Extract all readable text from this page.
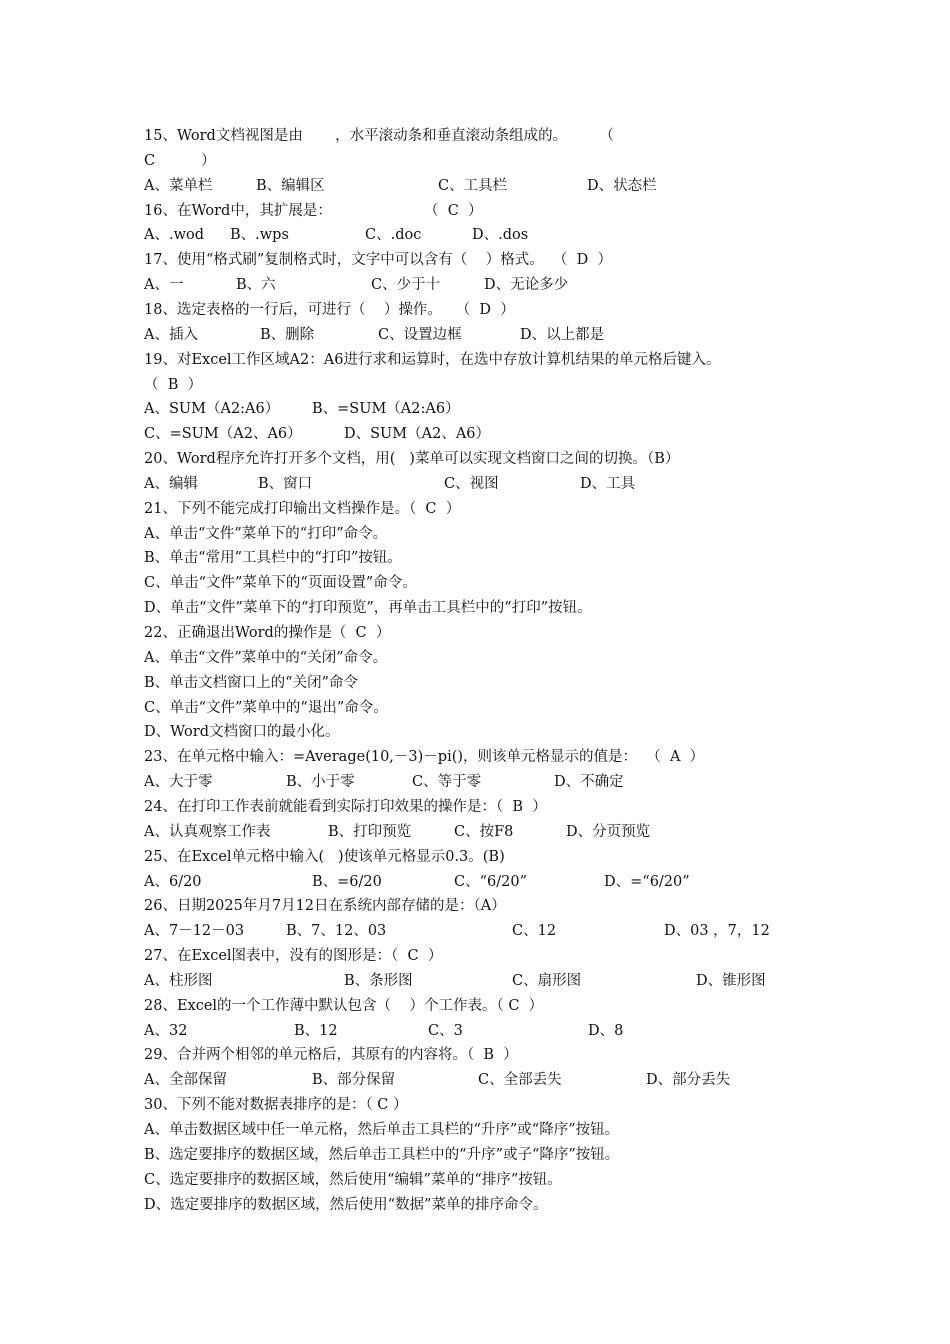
15、Word文档视图是由       ，水平滚动条和垂直滚动条组成的。       （
C          ）
A、菜单栏	B、编辑区	C、工具栏	D、状态栏
16、在Word中，其扩展是：                    （  C  ）
A、.wod B、.wps	C、.doc	D、.dos
17、使用“格式刷”复制格式时，文字中可以含有（    ）格式。  （  D  ）
A、一	B、六	C、少于十	D、无论多少
18、选定表格的一行后，可进行（    ）操作。   （  D  ）
A、插入	B、删除	C、设置边框	D、以上都是
19、对Excel工作区域A2：A6进行求和运算时，在选中存放计算机结果的单元格后键入。
（  B  ）
A、SUM（A2:A6） B、=SUM（A2:A6）
C、=SUM（A2、A6）	D、SUM（A2、A6）
20、Word程序允许打开多个文档，用(   )菜单可以实现文档窗口之间的切换。（B）
A、编辑	B、窗口	C、视图	D、工具
21、下列不能完成打印输出文档操作是。（  C  ）
A、单击“文件”菜单下的“打印”命令。
B、单击“常用”工具栏中的“打印”按钮。
C、单击“文件”菜单下的“页面设置”命令。
D、单击“文件”菜单下的“打印预览”，再单击工具栏中的“打印”按钮。
22、正确退出Word的操作是（  C  ）
A、单击“文件”菜单中的“关闭”命令。
B、单击文档窗口上的“关闭”命令
C、单击“文件”菜单中的“退出”命令。
D、Word文档窗口的最小化。
23、在单元格中输入：=Average(10,－3)－pi()，则该单元格显示的值是：  （  A  ）
A、大于零	B、小于零	C、等于零	D、不确定
24、在打印工作表前就能看到实际打印效果的操作是：（  B  ）
A、认真观察工作表	B、打印预览	C、按F8	D、分页预览
25、在Excel单元格中输入(   )使该单元格显示0.3。(B)
A、6/20	B、=6/20	C、“6/20”	D、=“6/20”
26、日期2025年月7月12日在系统内部存储的是：（A）
A、7－12－03	B、7、12、03	C、12	D、03 ，7，12
27、在Excel图表中，没有的图形是：（  C  ）
A、柱形图	B、条形图	C、扇形图	D、锥形图
28、Excel的一个工作薄中默认包含（    ）个工作表。（ C  ）
A、32	B、12	C、3	D、8
29、合并两个相邻的单元格后，其原有的内容将。（  B  ）
A、全部保留	B、部分保留	C、全部丢失	D、部分丢失
30、下列不能对数据表排序的是：（ C ）
A、单击数据区域中任一单元格，然后单击工具栏的“升序”或“降序”按钮。
B、选定要排序的数据区域，然后单击工具栏中的“升序”或子“降序”按钮。
C、选定要排序的数据区域，然后使用“编辑”菜单的“排序”按钮。
D、选定要排序的数据区域，然后使用“数据”菜单的排序命令。
